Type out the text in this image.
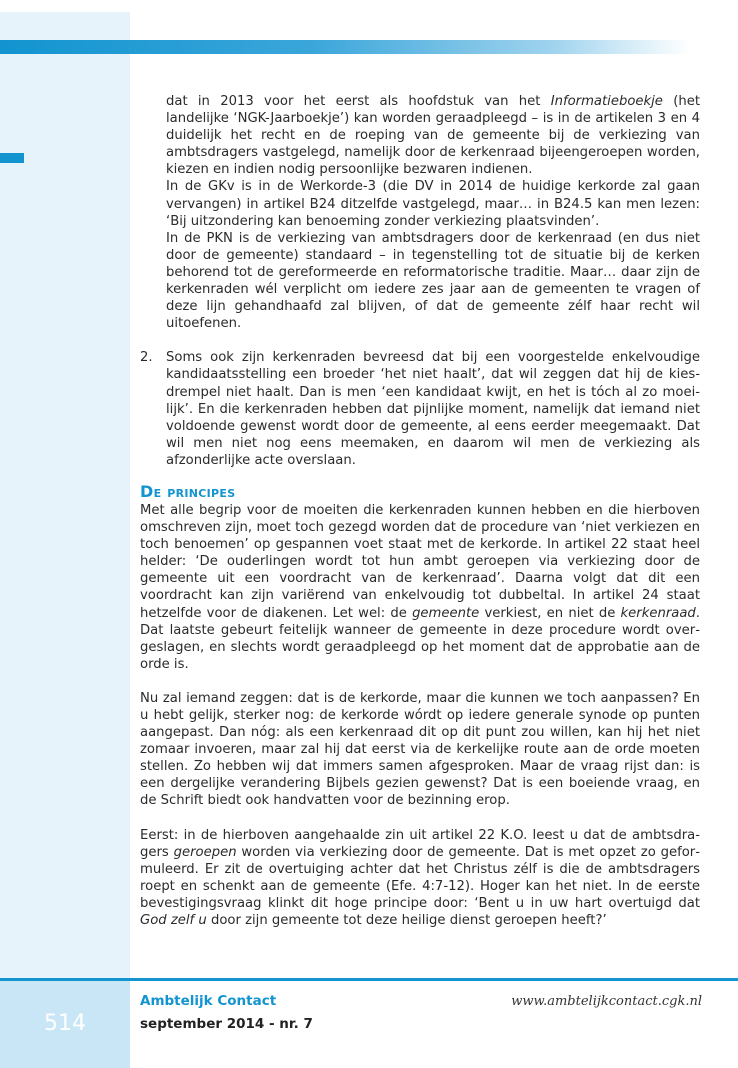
dat in 2013 voor het eerst als hoofdstuk van het Informatieboekje (het landelijke ‘NGK-Jaarboekje’) kan worden geraadpleegd – is in de artikelen 3 en 4 duidelijk het recht en de roeping van de gemeente bij de verkiezing van ambtsdragers vastgelegd, namelijk door de kerkenraad bijeengeroepen worden, kiezen en indien nodig persoonlijke bezwaren indienen.

In de GKv is in de Werkorde-3 (die DV in 2014 de huidige kerkorde zal gaan vervangen) in artikel B24 ditzelfde vastgelegd, maar… in B24.5 kan men lezen: ‘Bij uitzondering kan benoeming zonder verkiezing plaatsvinden’.

In de PKN is de verkiezing van ambtsdragers door de kerkenraad (en dus niet door de gemeente) standaard – in tegenstelling tot de situatie bij de kerken behorend tot de gereformeerde en reformatorische traditie. Maar… daar zijn de kerkenraden wél verplicht om iedere zes jaar aan de gemeenten te vragen of deze lijn gehandhaafd zal blijven, of dat de gemeente zélf haar recht wil uitoefenen.

2. Soms ook zijn kerkenraden bevreesd dat bij een voorgestelde enkelvoudige kandidaatsstelling een broeder ‘het niet haalt’, dat wil zeggen dat hij de kiesdrempel niet haalt. Dan is men ‘een kandidaat kwijt, en het is tóch al zo moeilijk’. En die kerkenraden hebben dat pijnlijke moment, namelijk dat iemand niet voldoende gewenst wordt door de gemeente, al eens eerder meegemaakt. Dat wil men niet nog eens meemaken, en daarom wil men de verkiezing als afzonderlijke acte overslaan.

De principes

Met alle begrip voor de moeiten die kerkenraden kunnen hebben en die hierboven omschreven zijn, moet toch gezegd worden dat de procedure van ‘niet verkiezen en toch benoemen’ op gespannen voet staat met de kerkorde. In artikel 22 staat heel helder: ‘De ouderlingen wordt tot hun ambt geroepen via verkiezing door de gemeente uit een voordracht van de kerkenraad’. Daarna volgt dat dit een voordracht kan zijn variërend van enkelvoudig tot dubbeltal. In artikel 24 staat hetzelfde voor de diakenen. Let wel: de gemeente verkiest, en niet de kerkenraad. Dat laatste gebeurt feitelijk wanneer de gemeente in deze procedure wordt overgeslagen, en slechts wordt geraadpleegd op het moment dat de approbatie aan de orde is.

Nu zal iemand zeggen: dat is de kerkorde, maar die kunnen we toch aanpassen? En u hebt gelijk, sterker nog: de kerkorde wórdt op iedere generale synode op punten aangepast. Dan nóg: als een kerkenraad dit op dit punt zou willen, kan hij het niet zomaar invoeren, maar zal hij dat eerst via de kerkelijke route aan de orde moeten stellen. Zo hebben wij dat immers samen afgesproken. Maar de vraag rijst dan: is een dergelijke verandering Bijbels gezien gewenst? Dat is een boeiende vraag, en de Schrift biedt ook handvatten voor de bezinning erop.

Eerst: in de hierboven aangehaalde zin uit artikel 22 K.O. leest u dat de ambtsdragers geroepen worden via verkiezing door de gemeente. Dat is met opzet zo geformuleerd. Er zit de overtuiging achter dat het Christus zélf is die de ambtsdragers roept en schenkt aan de gemeente (Efe. 4:7-12). Hoger kan het niet. In de eerste bevestigingsvraag klinkt dit hoge principe door: ‘Bent u in uw hart overtuigd dat God zelf u door zijn gemeente tot deze heilige dienst geroepen heeft?’

514
Ambtelijk Contact
september 2014 - nr. 7
www.ambtelijkcontact.cgk.nl
